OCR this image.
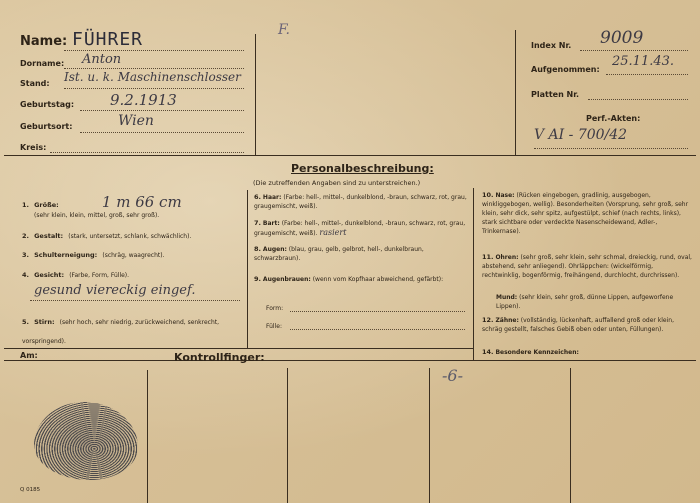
Name: FÜHRER
Dorname: Anton
Stand: Ist. u. k. Maschinenschlosser
Geburtstag: 9.2.1913
Geburtsort:	Wien
Kreis:
F.
Index Nr. 9009
Aufgenommen:
25.11.43.
Platten Nr.
Perf.-Akten:
V AI - 700/42
Personalbeschreibung:
(Die zutreffenden Angaben sind zu unterstreichen.)
1. Größe:	1 m 66 cm
(sehr klein, klein, mittel, groß, sehr groß).
2. Gestalt: (stark, untersetzt, schlank, schwächlich).
3. Schulterneigung: (schräg, waagrecht).
4. Gesicht: (Farbe, Form, Fülle).
gesund viereckig eingef.
5. Stirn: (sehr hoch, sehr niedrig, zurückweichend, senkrecht, vorspringend).
6. Haar: (Farbe: hell-, mittel-, dunkelblond, -braun, schwarz, rot, grau, graugemischt, weiß).
7. Bart: (Farbe: hell-, mittel-, dunkelblond, -braun, schwarz, rot, grau, graugemischt, weiß). rasiert
8. Augen: (blau, grau, gelb, gelbrot, hell-, dunkelbraun, schwarzbraun).
9. Augenbrauen: (wenn vom Kopfhaar abweichend, gefärbt):
Form:
Fülle:
10. Nase: (Rücken eingebogen, gradlinig, ausgebogen, winkliggebogen, wellig). Besonderheiten (Vorsprung, sehr groß, sehr klein, sehr dick, sehr spitz, aufgestülpt, schief (nach rechts, links), stark sichtbare oder verdeckte Nasenscheidewand, Adler-, Trinkernase).
11. Ohren: (sehr groß, sehr klein, sehr schmal, dreieckig, rund, oval, abstehend, sehr anliegend). Ohrläppchen: (wickelförmig, rechtwinklig, bogenförmig, freihängend, durchlocht, durchrissen).
Mund: (sehr klein, sehr groß, dünne Lippen, aufgeworfene Lippen).
12. Zähne: (vollständig, lückenhaft, auffallend groß oder klein, schräg gestellt, falsches Gebiß oben oder unten, Füllungen).
14. Besondere Kennzeichen:
Am:	Kontrollfinger:
-6-
Q 0185
